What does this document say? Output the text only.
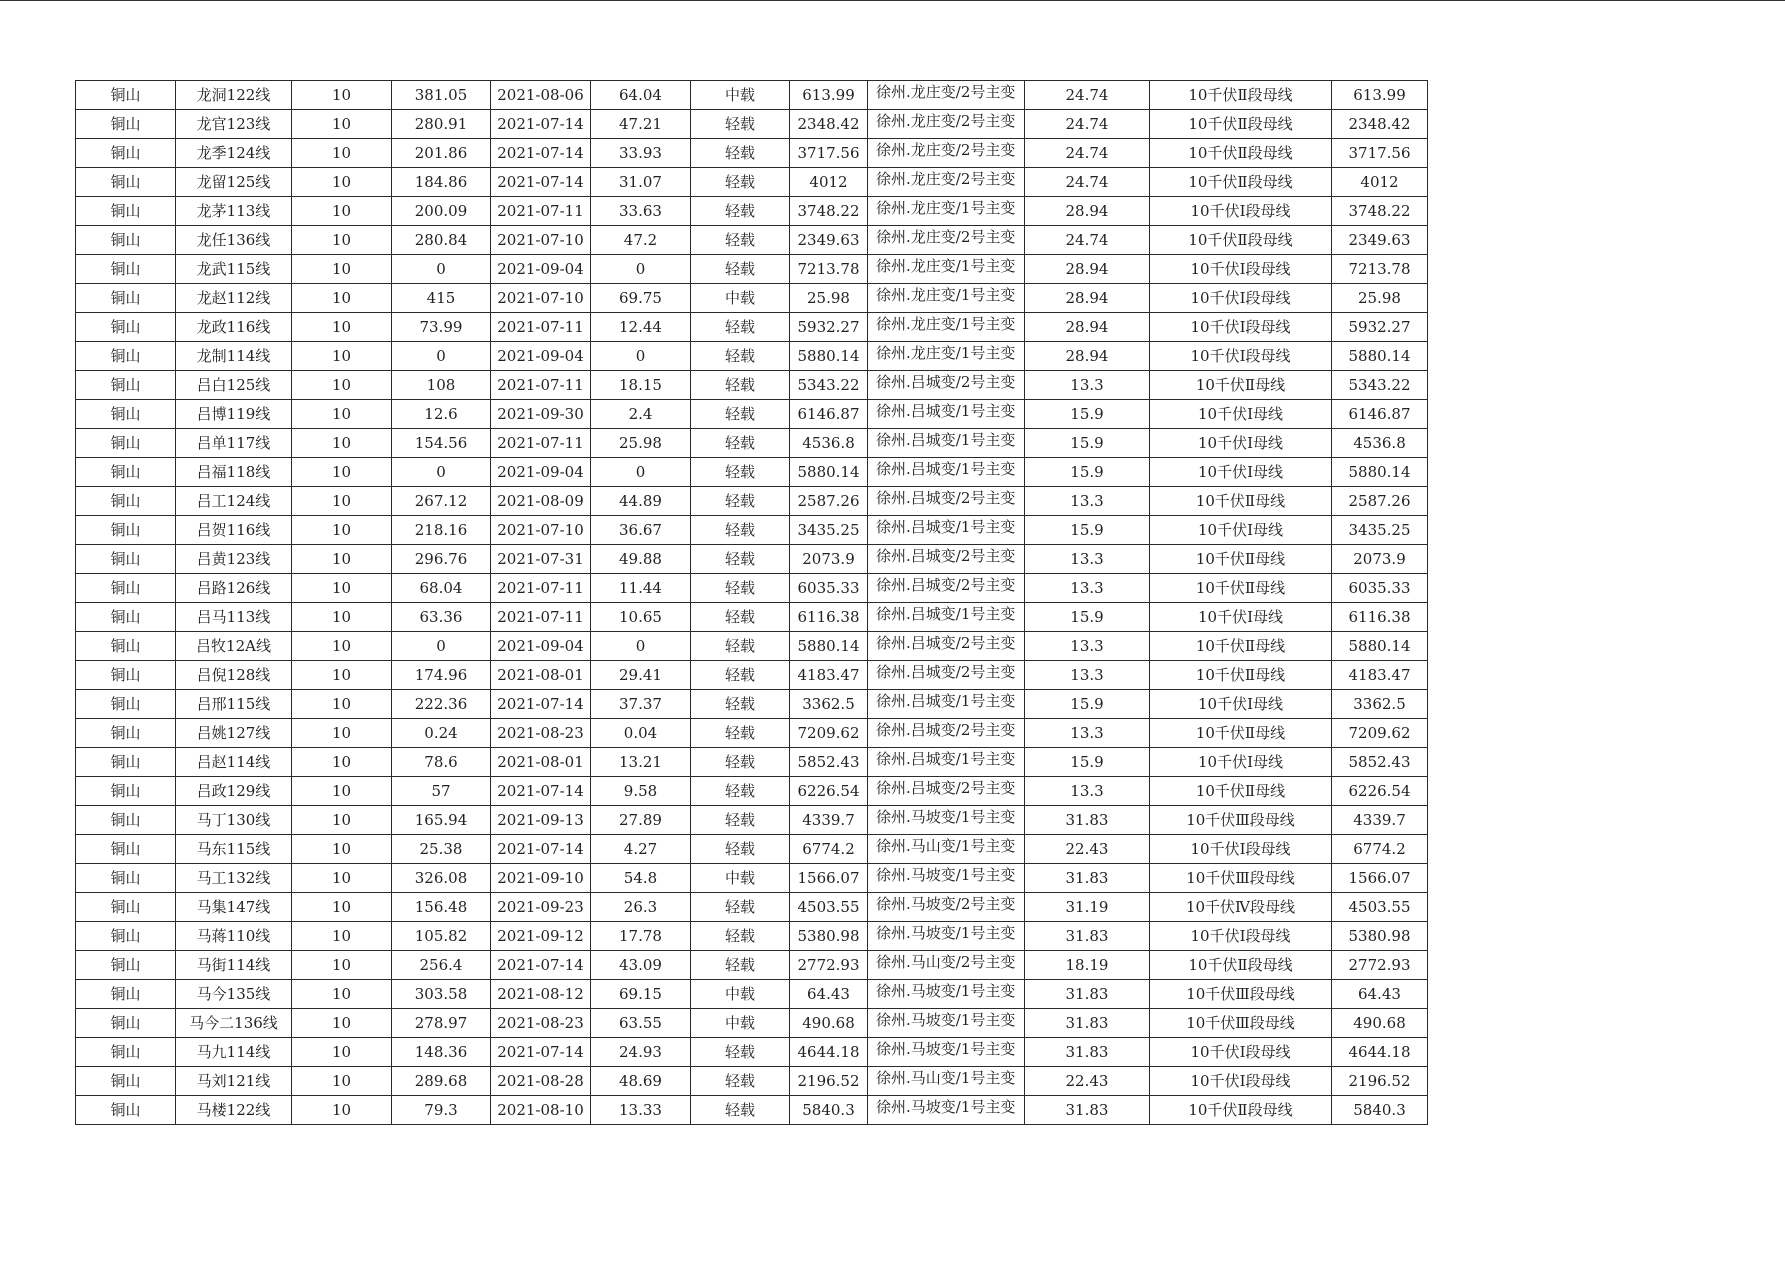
铜山	龙洞122线	10	381.05	2021-08-06	64.04	中载	613.99	徐州.龙庄变/2号主变	24.74	10千伏Ⅱ段母线	613.99
铜山	龙官123线	10	280.91	2021-07-14	47.21	轻载	2348.42	徐州.龙庄变/2号主变	24.74	10千伏Ⅱ段母线	2348.42
铜山	龙季124线	10	201.86	2021-07-14	33.93	轻载	3717.56	徐州.龙庄变/2号主变	24.74	10千伏Ⅱ段母线	3717.56
铜山	龙留125线	10	184.86	2021-07-14	31.07	轻载	4012	徐州.龙庄变/2号主变	24.74	10千伏Ⅱ段母线	4012
铜山	龙茅113线	10	200.09	2021-07-11	33.63	轻载	3748.22	徐州.龙庄变/1号主变	28.94	10千伏Ⅰ段母线	3748.22
铜山	龙任136线	10	280.84	2021-07-10	47.2	轻载	2349.63	徐州.龙庄变/2号主变	24.74	10千伏Ⅱ段母线	2349.63
铜山	龙武115线	10	0	2021-09-04	0	轻载	7213.78	徐州.龙庄变/1号主变	28.94	10千伏Ⅰ段母线	7213.78
铜山	龙赵112线	10	415	2021-07-10	69.75	中载	25.98	徐州.龙庄变/1号主变	28.94	10千伏Ⅰ段母线	25.98
铜山	龙政116线	10	73.99	2021-07-11	12.44	轻载	5932.27	徐州.龙庄变/1号主变	28.94	10千伏Ⅰ段母线	5932.27
铜山	龙制114线	10	0	2021-09-04	0	轻载	5880.14	徐州.龙庄变/1号主变	28.94	10千伏Ⅰ段母线	5880.14
铜山	吕白125线	10	108	2021-07-11	18.15	轻载	5343.22	徐州.吕城变/2号主变	13.3	10千伏Ⅱ母线	5343.22
铜山	吕博119线	10	12.6	2021-09-30	2.4	轻载	6146.87	徐州.吕城变/1号主变	15.9	10千伏Ⅰ母线	6146.87
铜山	吕单117线	10	154.56	2021-07-11	25.98	轻载	4536.8	徐州.吕城变/1号主变	15.9	10千伏Ⅰ母线	4536.8
铜山	吕福118线	10	0	2021-09-04	0	轻载	5880.14	徐州.吕城变/1号主变	15.9	10千伏Ⅰ母线	5880.14
铜山	吕工124线	10	267.12	2021-08-09	44.89	轻载	2587.26	徐州.吕城变/2号主变	13.3	10千伏Ⅱ母线	2587.26
铜山	吕贺116线	10	218.16	2021-07-10	36.67	轻载	3435.25	徐州.吕城变/1号主变	15.9	10千伏Ⅰ母线	3435.25
铜山	吕黄123线	10	296.76	2021-07-31	49.88	轻载	2073.9	徐州.吕城变/2号主变	13.3	10千伏Ⅱ母线	2073.9
铜山	吕路126线	10	68.04	2021-07-11	11.44	轻载	6035.33	徐州.吕城变/2号主变	13.3	10千伏Ⅱ母线	6035.33
铜山	吕马113线	10	63.36	2021-07-11	10.65	轻载	6116.38	徐州.吕城变/1号主变	15.9	10千伏Ⅰ母线	6116.38
铜山	吕牧12A线	10	0	2021-09-04	0	轻载	5880.14	徐州.吕城变/2号主变	13.3	10千伏Ⅱ母线	5880.14
铜山	吕倪128线	10	174.96	2021-08-01	29.41	轻载	4183.47	徐州.吕城变/2号主变	13.3	10千伏Ⅱ母线	4183.47
铜山	吕邢115线	10	222.36	2021-07-14	37.37	轻载	3362.5	徐州.吕城变/1号主变	15.9	10千伏Ⅰ母线	3362.5
铜山	吕姚127线	10	0.24	2021-08-23	0.04	轻载	7209.62	徐州.吕城变/2号主变	13.3	10千伏Ⅱ母线	7209.62
铜山	吕赵114线	10	78.6	2021-08-01	13.21	轻载	5852.43	徐州.吕城变/1号主变	15.9	10千伏Ⅰ母线	5852.43
铜山	吕政129线	10	57	2021-07-14	9.58	轻载	6226.54	徐州.吕城变/2号主变	13.3	10千伏Ⅱ母线	6226.54
铜山	马丁130线	10	165.94	2021-09-13	27.89	轻载	4339.7	徐州.马坡变/1号主变	31.83	10千伏Ⅲ段母线	4339.7
铜山	马东115线	10	25.38	2021-07-14	4.27	轻载	6774.2	徐州.马山变/1号主变	22.43	10千伏Ⅰ段母线	6774.2
铜山	马工132线	10	326.08	2021-09-10	54.8	中载	1566.07	徐州.马坡变/1号主变	31.83	10千伏Ⅲ段母线	1566.07
铜山	马集147线	10	156.48	2021-09-23	26.3	轻载	4503.55	徐州.马坡变/2号主变	31.19	10千伏Ⅳ段母线	4503.55
铜山	马蒋110线	10	105.82	2021-09-12	17.78	轻载	5380.98	徐州.马坡变/1号主变	31.83	10千伏Ⅰ段母线	5380.98
铜山	马街114线	10	256.4	2021-07-14	43.09	轻载	2772.93	徐州.马山变/2号主变	18.19	10千伏Ⅱ段母线	2772.93
铜山	马今135线	10	303.58	2021-08-12	69.15	中载	64.43	徐州.马坡变/1号主变	31.83	10千伏Ⅲ段母线	64.43
铜山	马今二136线	10	278.97	2021-08-23	63.55	中载	490.68	徐州.马坡变/1号主变	31.83	10千伏Ⅲ段母线	490.68
铜山	马九114线	10	148.36	2021-07-14	24.93	轻载	4644.18	徐州.马坡变/1号主变	31.83	10千伏Ⅰ段母线	4644.18
铜山	马刘121线	10	289.68	2021-08-28	48.69	轻载	2196.52	徐州.马山变/1号主变	22.43	10千伏Ⅰ段母线	2196.52
铜山	马楼122线	10	79.3	2021-08-10	13.33	轻载	5840.3	徐州.马坡变/1号主变	31.83	10千伏Ⅱ段母线	5840.3
